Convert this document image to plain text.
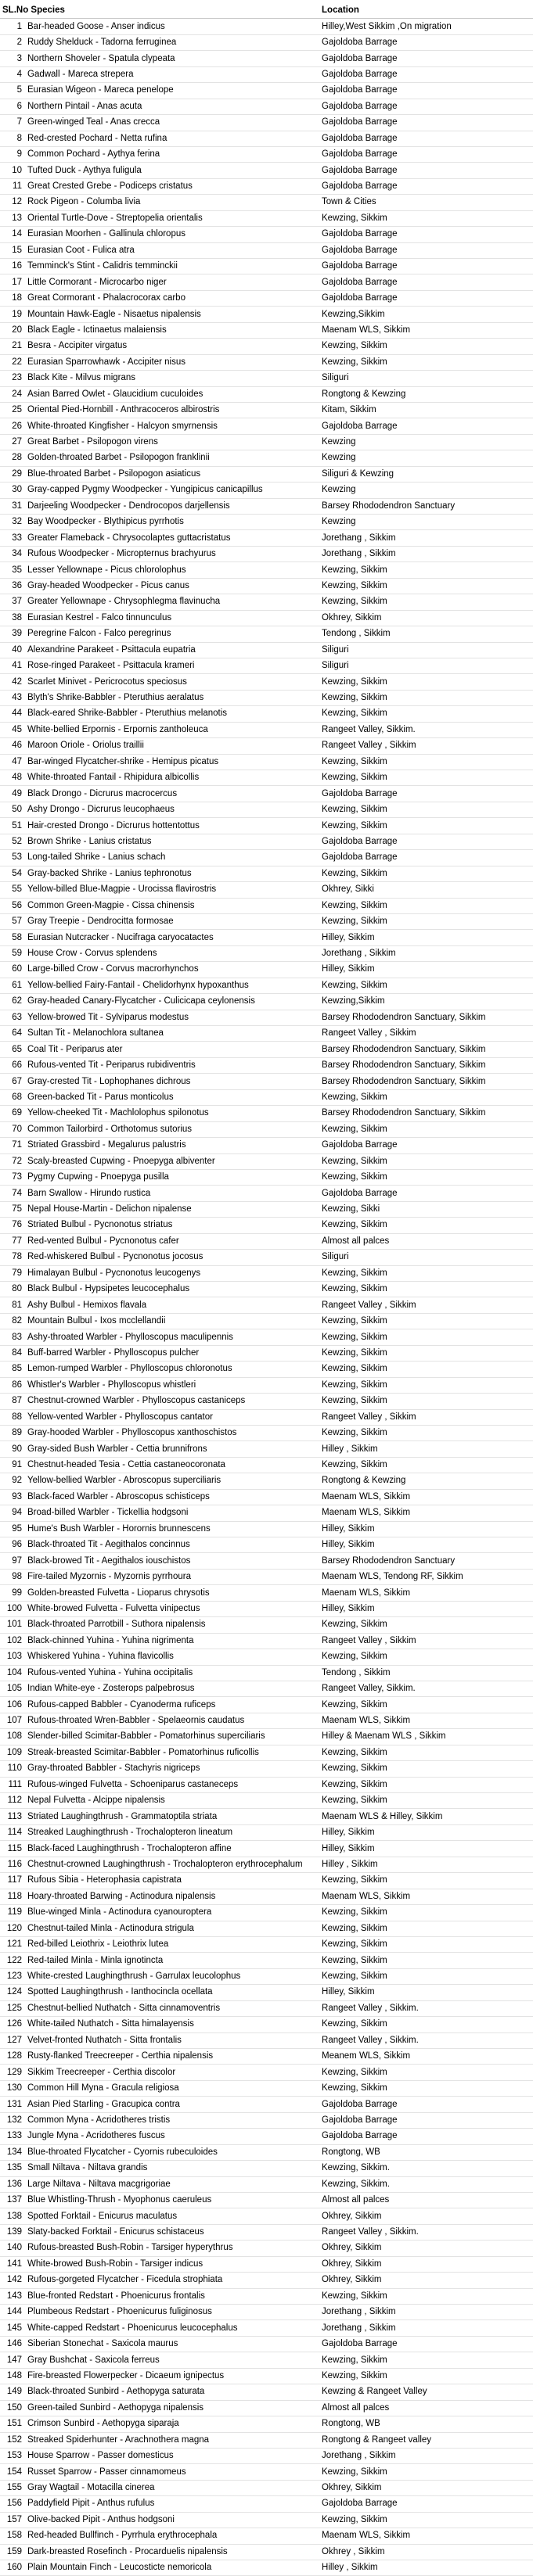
SL.No Species		Location
1	Bar-headed Goose - Anser indicus	Hilley,West Sikkim ,On migration
2	Ruddy Shelduck - Tadorna ferruginea	Gajoldoba Barrage
3	Northern Shoveler - Spatula clypeata	Gajoldoba Barrage
4	Gadwall - Mareca strepera	Gajoldoba Barrage
5	Eurasian Wigeon - Mareca penelope	Gajoldoba Barrage
6	Northern Pintail - Anas acuta	Gajoldoba Barrage
7	Green-winged Teal - Anas crecca	Gajoldoba Barrage
8	Red-crested Pochard - Netta rufina	Gajoldoba Barrage
9	Common Pochard - Aythya ferina	Gajoldoba Barrage
10	Tufted Duck - Aythya fuligula	Gajoldoba Barrage
11	Great Crested Grebe - Podiceps cristatus	Gajoldoba Barrage
12	Rock Pigeon - Columba livia	Town & Cities
13	Oriental Turtle-Dove - Streptopelia orientalis	Kewzing, Sikkim
14	Eurasian Moorhen - Gallinula chloropus	Gajoldoba Barrage
15	Eurasian Coot - Fulica atra	Gajoldoba Barrage
16	Temminck's Stint - Calidris temminckii	Gajoldoba Barrage
17	Little Cormorant - Microcarbo niger	Gajoldoba Barrage
18	Great Cormorant - Phalacrocorax carbo	Gajoldoba Barrage
19	Mountain Hawk-Eagle - Nisaetus nipalensis	Kewzing,Sikkim
20	Black Eagle - Ictinaetus malaiensis	Maenam WLS, Sikkim
21	Besra - Accipiter virgatus	Kewzing, Sikkim
22	Eurasian Sparrowhawk - Accipiter nisus	Kewzing, Sikkim
23	Black Kite - Milvus migrans	Siliguri
24	Asian Barred Owlet - Glaucidium cuculoides	Rongtong & Kewzing
25	Oriental Pied-Hornbill - Anthracoceros albirostris	Kitam, Sikkim
26	White-throated Kingfisher - Halcyon smyrnensis	Gajoldoba Barrage
27	Great Barbet - Psilopogon virens	Kewzing
28	Golden-throated Barbet - Psilopogon franklinii	Kewzing
29	Blue-throated Barbet - Psilopogon asiaticus	Siliguri & Kewzing
30	Gray-capped Pygmy Woodpecker - Yungipicus canicapillus	Kewzing
31	Darjeeling Woodpecker - Dendrocopos darjellensis	Barsey Rhododendron Sanctuary
32	Bay Woodpecker - Blythipicus pyrrhotis	Kewzing
33	Greater Flameback - Chrysocolaptes guttacristatus	Jorethang , Sikkim
34	Rufous Woodpecker - Micropternus brachyurus	Jorethang , Sikkim
35	Lesser Yellownape - Picus chlorolophus	Kewzing, Sikkim
36	Gray-headed Woodpecker - Picus canus	Kewzing, Sikkim
37	Greater Yellownape - Chrysophlegma flavinucha	Kewzing, Sikkim
38	Eurasian Kestrel - Falco tinnunculus	Okhrey, Sikkim
39	Peregrine Falcon - Falco peregrinus	Tendong , Sikkim
40	Alexandrine Parakeet - Psittacula eupatria	Siliguri
41	Rose-ringed Parakeet - Psittacula krameri	Siliguri
42	Scarlet Minivet - Pericrocotus speciosus	Kewzing, Sikkim
43	Blyth's Shrike-Babbler - Pteruthius aeralatus	Kewzing, Sikkim
44	Black-eared Shrike-Babbler - Pteruthius melanotis	Kewzing, Sikkim
45	White-bellied Erpornis - Erpornis zantholeuca	Rangeet Valley, Sikkim.
46	Maroon Oriole - Oriolus traillii	Rangeet Valley , Sikkim
47	Bar-winged Flycatcher-shrike - Hemipus picatus	Kewzing, Sikkim
48	White-throated Fantail - Rhipidura albicollis	Kewzing, Sikkim
49	Black Drongo - Dicrurus macrocercus	Gajoldoba Barrage
50	Ashy Drongo - Dicrurus leucophaeus	Kewzing, Sikkim
51	Hair-crested Drongo - Dicrurus hottentottus	Kewzing, Sikkim
52	Brown Shrike - Lanius cristatus	Gajoldoba Barrage
53	Long-tailed Shrike - Lanius schach	Gajoldoba Barrage
54	Gray-backed Shrike - Lanius tephronotus	Kewzing, Sikkim
55	Yellow-billed Blue-Magpie - Urocissa flavirostris	Okhrey, Sikki
56	Common Green-Magpie - Cissa chinensis	Kewzing, Sikkim
57	Gray Treepie - Dendrocitta formosae	Kewzing, Sikkim
58	Eurasian Nutcracker - Nucifraga caryocatactes	Hilley, Sikkim
59	House Crow - Corvus splendens	Jorethang , Sikkim
60	Large-billed Crow - Corvus macrorhynchos	Hilley, Sikkim
61	Yellow-bellied Fairy-Fantail - Chelidorhynx hypoxanthus	Kewzing, Sikkim
62	Gray-headed Canary-Flycatcher - Culicicapa ceylonensis	Kewzing,Sikkim
63	Yellow-browed Tit - Sylviparus modestus	Barsey Rhododendron Sanctuary, Sikkim
64	Sultan Tit - Melanochlora sultanea	Rangeet Valley , Sikkim
65	Coal Tit - Periparus ater	Barsey Rhododendron Sanctuary, Sikkim
66	Rufous-vented Tit - Periparus rubidiventris	Barsey Rhododendron Sanctuary, Sikkim
67	Gray-crested Tit - Lophophanes dichrous	Barsey Rhododendron Sanctuary, Sikkim
68	Green-backed Tit - Parus monticolus	Kewzing, Sikkim
69	Yellow-cheeked Tit - Machlolophus spilonotus	Barsey Rhododendron Sanctuary, Sikkim
70	Common Tailorbird - Orthotomus sutorius	Kewzing, Sikkim
71	Striated Grassbird - Megalurus palustris	Gajoldoba Barrage
72	Scaly-breasted Cupwing - Pnoepyga albiventer	Kewzing, Sikkim
73	Pygmy Cupwing - Pnoepyga pusilla	Kewzing, Sikkim
74	Barn Swallow - Hirundo rustica	Gajoldoba Barrage
75	Nepal House-Martin - Delichon nipalense	Kewzing, Sikki
76	Striated Bulbul - Pycnonotus striatus	Kewzing, Sikkim
77	Red-vented Bulbul - Pycnonotus cafer	Almost all palces
78	Red-whiskered Bulbul - Pycnonotus jocosus	Siliguri
79	Himalayan Bulbul - Pycnonotus leucogenys	Kewzing, Sikkim
80	Black Bulbul - Hypsipetes leucocephalus	Kewzing, Sikkim
81	Ashy Bulbul - Hemixos flavala	Rangeet Valley , Sikkim
82	Mountain Bulbul - Ixos mcclellandii	Kewzing, Sikkim
83	Ashy-throated Warbler - Phylloscopus maculipennis	Kewzing, Sikkim
84	Buff-barred Warbler - Phylloscopus pulcher	Kewzing, Sikkim
85	Lemon-rumped Warbler - Phylloscopus chloronotus	Kewzing, Sikkim
86	Whistler's Warbler - Phylloscopus whistleri	Kewzing, Sikkim
87	Chestnut-crowned Warbler - Phylloscopus castaniceps	Kewzing, Sikkim
88	Yellow-vented Warbler - Phylloscopus cantator	Rangeet Valley , Sikkim
89	Gray-hooded Warbler - Phylloscopus xanthoschistos	Kewzing, Sikkim
90	Gray-sided Bush Warbler - Cettia brunnifrons	Hilley , Sikkim
91	Chestnut-headed Tesia - Cettia castaneocoronata	Kewzing, Sikkim
92	Yellow-bellied Warbler - Abroscopus superciliaris	Rongtong & Kewzing
93	Black-faced Warbler - Abroscopus schisticeps	Maenam WLS, Sikkim
94	Broad-billed Warbler - Tickellia hodgsoni	Maenam WLS, Sikkim
95	Hume's Bush Warbler - Horornis brunnescens	Hilley, Sikkim
96	Black-throated Tit - Aegithalos concinnus	Hilley, Sikkim
97	Black-browed Tit - Aegithalos iouschistos	Barsey Rhododendron Sanctuary
98	Fire-tailed Myzornis - Myzornis pyrrhoura	Maenam WLS, Tendong RF, Sikkim
99	Golden-breasted Fulvetta - Lioparus chrysotis	Maenam WLS, Sikkim
100	White-browed Fulvetta - Fulvetta vinipectus	Hilley, Sikkim
101	Black-throated Parrotbill - Suthora nipalensis	Kewzing, Sikkim
102	Black-chinned Yuhina - Yuhina nigrimenta	Rangeet Valley , Sikkim
103	Whiskered Yuhina - Yuhina flavicollis	Kewzing, Sikkim
104	Rufous-vented Yuhina - Yuhina occipitalis	Tendong , Sikkim
105	Indian White-eye - Zosterops palpebrosus	Rangeet Valley, Sikkim.
106	Rufous-capped Babbler - Cyanoderma ruficeps	Kewzing, Sikkim
107	Rufous-throated Wren-Babbler - Spelaeornis caudatus	Maenam WLS, Sikkim
108	Slender-billed Scimitar-Babbler - Pomatorhinus superciliaris	Hilley & Maenam WLS , Sikkim
109	Streak-breasted Scimitar-Babbler - Pomatorhinus ruficollis	Kewzing, Sikkim
110	Gray-throated Babbler - Stachyris nigriceps	Kewzing, Sikkim
111	Rufous-winged Fulvetta - Schoeniparus castaneceps	Kewzing, Sikkim
112	Nepal Fulvetta - Alcippe nipalensis	Kewzing, Sikkim
113	Striated Laughingthrush - Grammatoptila striata	Maenam WLS & Hilley, Sikkim
114	Streaked Laughingthrush - Trochalopteron lineatum	Hilley, Sikkim
115	Black-faced Laughingthrush - Trochalopteron affine	Hilley, Sikkim
116	Chestnut-crowned Laughingthrush - Trochalopteron erythrocephalum	Hilley , Sikkim
117	Rufous Sibia - Heterophasia capistrata	Kewzing, Sikkim
118	Hoary-throated Barwing - Actinodura nipalensis	Maenam WLS, Sikkim
119	Blue-winged Minla - Actinodura cyanouroptera	Kewzing, Sikkim
120	Chestnut-tailed Minla - Actinodura strigula	Kewzing, Sikkim
121	Red-billed Leiothrix - Leiothrix lutea	Kewzing, Sikkim
122	Red-tailed Minla - Minla ignotincta	Kewzing, Sikkim
123	White-crested Laughingthrush - Garrulax leucolophus	Kewzing, Sikkim
124	Spotted Laughingthrush - Ianthocincla ocellata	Hilley, Sikkim
125	Chestnut-bellied Nuthatch - Sitta cinnamoventris	Rangeet Valley , Sikkim.
126	White-tailed Nuthatch - Sitta himalayensis	Kewzing, Sikkim
127	Velvet-fronted Nuthatch - Sitta frontalis	Rangeet Valley , Sikkim.
128	Rusty-flanked Treecreeper - Certhia nipalensis	Meanem WLS, Sikkim
129	Sikkim Treecreeper - Certhia discolor	Kewzing, Sikkim
130	Common Hill Myna - Gracula religiosa	Kewzing, Sikkim
131	Asian Pied Starling - Gracupica contra	Gajoldoba Barrage
132	Common Myna - Acridotheres tristis	Gajoldoba Barrage
133	Jungle Myna - Acridotheres fuscus	Gajoldoba Barrage
134	Blue-throated Flycatcher - Cyornis rubeculoides	Rongtong, WB
135	Small Niltava - Niltava grandis	Kewzing, Sikkim.
136	Large Niltava - Niltava macgrigoriae	Kewzing, Sikkim.
137	Blue Whistling-Thrush - Myophonus caeruleus	Almost all palces
138	Spotted Forktail - Enicurus maculatus	Okhrey, Sikkim
139	Slaty-backed Forktail - Enicurus schistaceus	Rangeet Valley , Sikkim.
140	Rufous-breasted Bush-Robin - Tarsiger hyperythrus	Okhrey, Sikkim
141	White-browed Bush-Robin - Tarsiger indicus	Okhrey, Sikkim
142	Rufous-gorgeted Flycatcher - Ficedula strophiata	Okhrey, Sikkim
143	Blue-fronted Redstart - Phoenicurus frontalis	Kewzing, Sikkim
144	Plumbeous Redstart - Phoenicurus fuliginosus	Jorethang , Sikkim
145	White-capped Redstart - Phoenicurus leucocephalus	Jorethang , Sikkim
146	Siberian Stonechat - Saxicola maurus	Gajoldoba Barrage
147	Gray Bushchat - Saxicola ferreus	Kewzing, Sikkim
148	Fire-breasted Flowerpecker - Dicaeum ignipectus	Kewzing, Sikkim
149	Black-throated Sunbird - Aethopyga saturata	Kewzing & Rangeet Valley
150	Green-tailed Sunbird - Aethopyga nipalensis	Almost all palces
151	Crimson Sunbird - Aethopyga siparaja	Rongtong, WB
152	Streaked Spiderhunter - Arachnothera magna	Rongtong & Rangeet valley
153	House Sparrow - Passer domesticus	Jorethang , Sikkim
154	Russet Sparrow - Passer cinnamomeus	Kewzing, Sikkim
155	Gray Wagtail - Motacilla cinerea	Okhrey, Sikkim
156	Paddyfield Pipit - Anthus rufulus	Gajoldoba Barrage
157	Olive-backed Pipit - Anthus hodgsoni	Kewzing, Sikkim
158	Red-headed Bullfinch - Pyrrhula erythrocephala	Maenam WLS, Sikkim
159	Dark-breasted Rosefinch - Procarduelis nipalensis	Okhrey , Sikkim
160	Plain Mountain Finch - Leucosticte nemoricola	Hilley , Sikkim
